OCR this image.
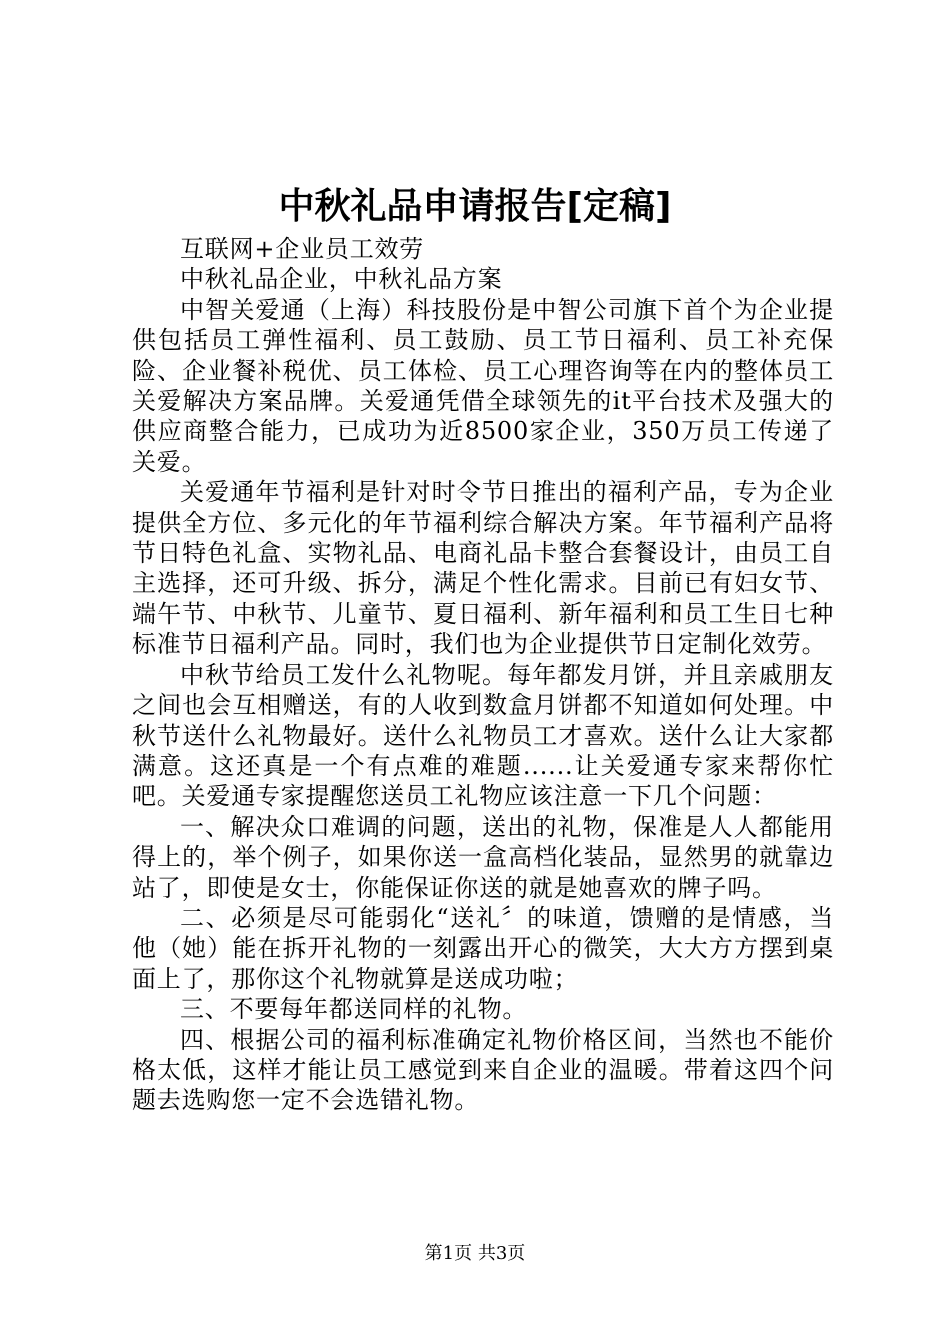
中秋礼品申请报告[定稿]

互联网+企业员工效劳

中秋礼品企业，中秋礼品方案

中智关爱通（上海）科技股份是中智公司旗下首个为企业提供包括员工弹性福利、员工鼓励、员工节日福利、员工补充保险、企业餐补税优、员工体检、员工心理咨询等在内的整体员工关爱解决方案品牌。关爱通凭借全球领先的it平台技术及强大的供应商整合能力，已成功为近8500家企业，350万员工传递了关爱。

关爱通年节福利是针对时令节日推出的福利产品，专为企业提供全方位、多元化的年节福利综合解决方案。年节福利产品将节日特色礼盒、实物礼品、电商礼品卡整合套餐设计，由员工自主选择，还可升级、拆分，满足个性化需求。目前已有妇女节、端午节、中秋节、儿童节、夏日福利、新年福利和员工生日七种标准节日福利产品。同时，我们也为企业提供节日定制化效劳。

中秋节给员工发什么礼物呢。每年都发月饼，并且亲戚朋友之间也会互相赠送，有的人收到数盒月饼都不知道如何处理。中秋节送什么礼物最好。送什么礼物员工才喜欢。送什么让大家都满意。这还真是一个有点难的难题......让关爱通专家来帮你忙吧。关爱通专家提醒您送员工礼物应该注意一下几个问题：

一、解决众口难调的问题，送出的礼物，保准是人人都能用得上的，举个例子，如果你送一盒高档化装品，显然男的就靠边站了，即使是女士，你能保证你送的就是她喜欢的牌子吗。

二、必须是尽可能弱化“送礼〞的味道，馈赠的是情感，当他（她）能在拆开礼物的一刻露出开心的微笑，大大方方摆到桌面上了，那你这个礼物就算是送成功啦；

三、不要每年都送同样的礼物。

四、根据公司的福利标准确定礼物价格区间，当然也不能价格太低，这样才能让员工感觉到来自企业的温暖。带着这四个问题去选购您一定不会选错礼物。

第1页 共3页
